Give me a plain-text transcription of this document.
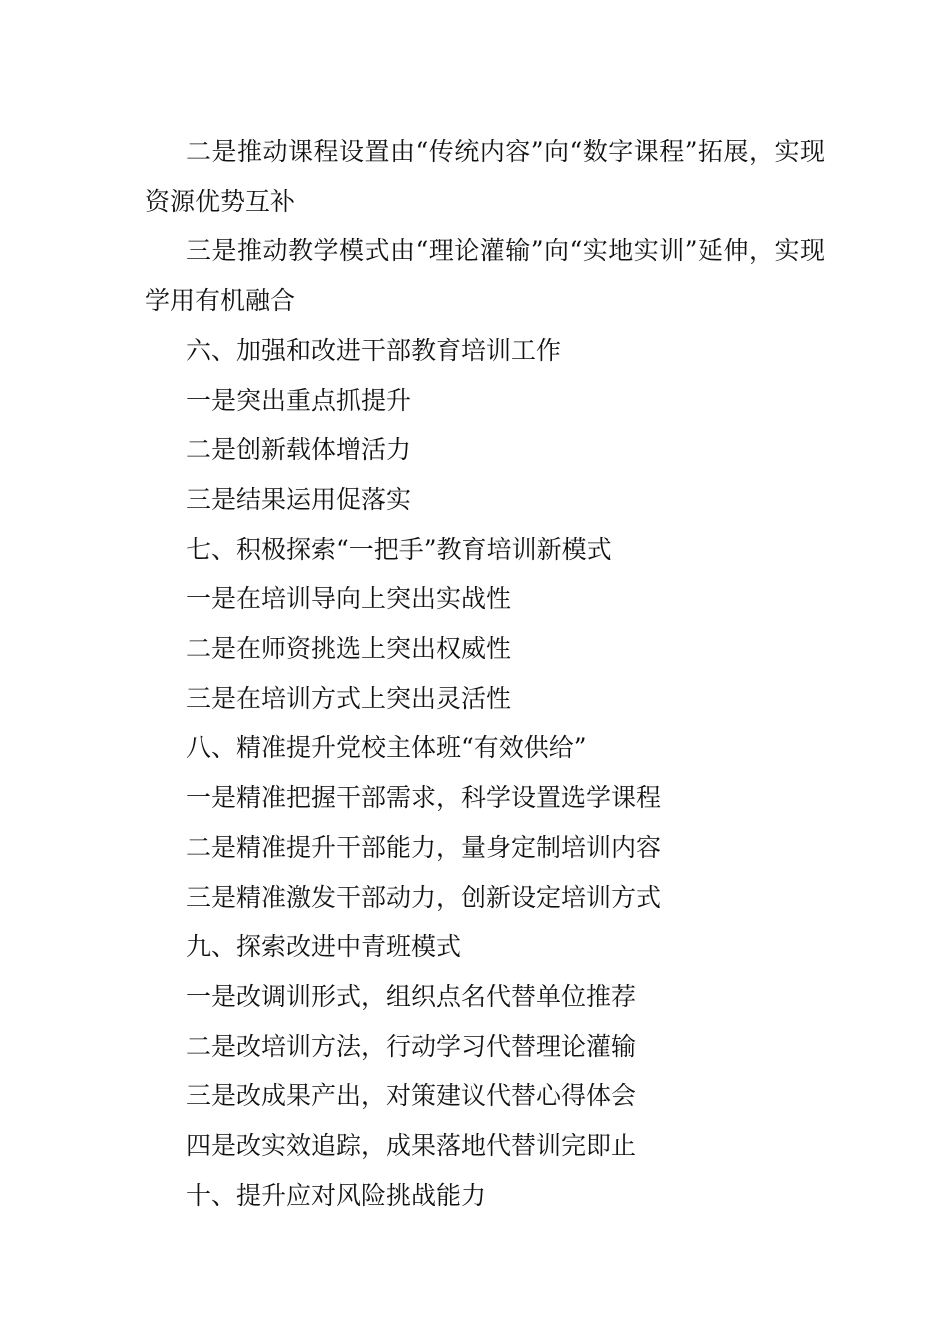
二是推动课程设置由“传统内容”向“数字课程”拓展，实现资源优势互补

三是推动教学模式由“理论灌输”向“实地实训”延伸，实现学用有机融合

六、加强和改进干部教育培训工作

一是突出重点抓提升

二是创新载体增活力

三是结果运用促落实

七、积极探索“一把手”教育培训新模式

一是在培训导向上突出实战性

二是在师资挑选上突出权威性

三是在培训方式上突出灵活性

八、精准提升党校主体班“有效供给”

一是精准把握干部需求，科学设置选学课程

二是精准提升干部能力，量身定制培训内容

三是精准激发干部动力，创新设定培训方式

九、探索改进中青班模式

一是改调训形式，组织点名代替单位推荐

二是改培训方法，行动学习代替理论灌输

三是改成果产出，对策建议代替心得体会

四是改实效追踪，成果落地代替训完即止

十、提升应对风险挑战能力
